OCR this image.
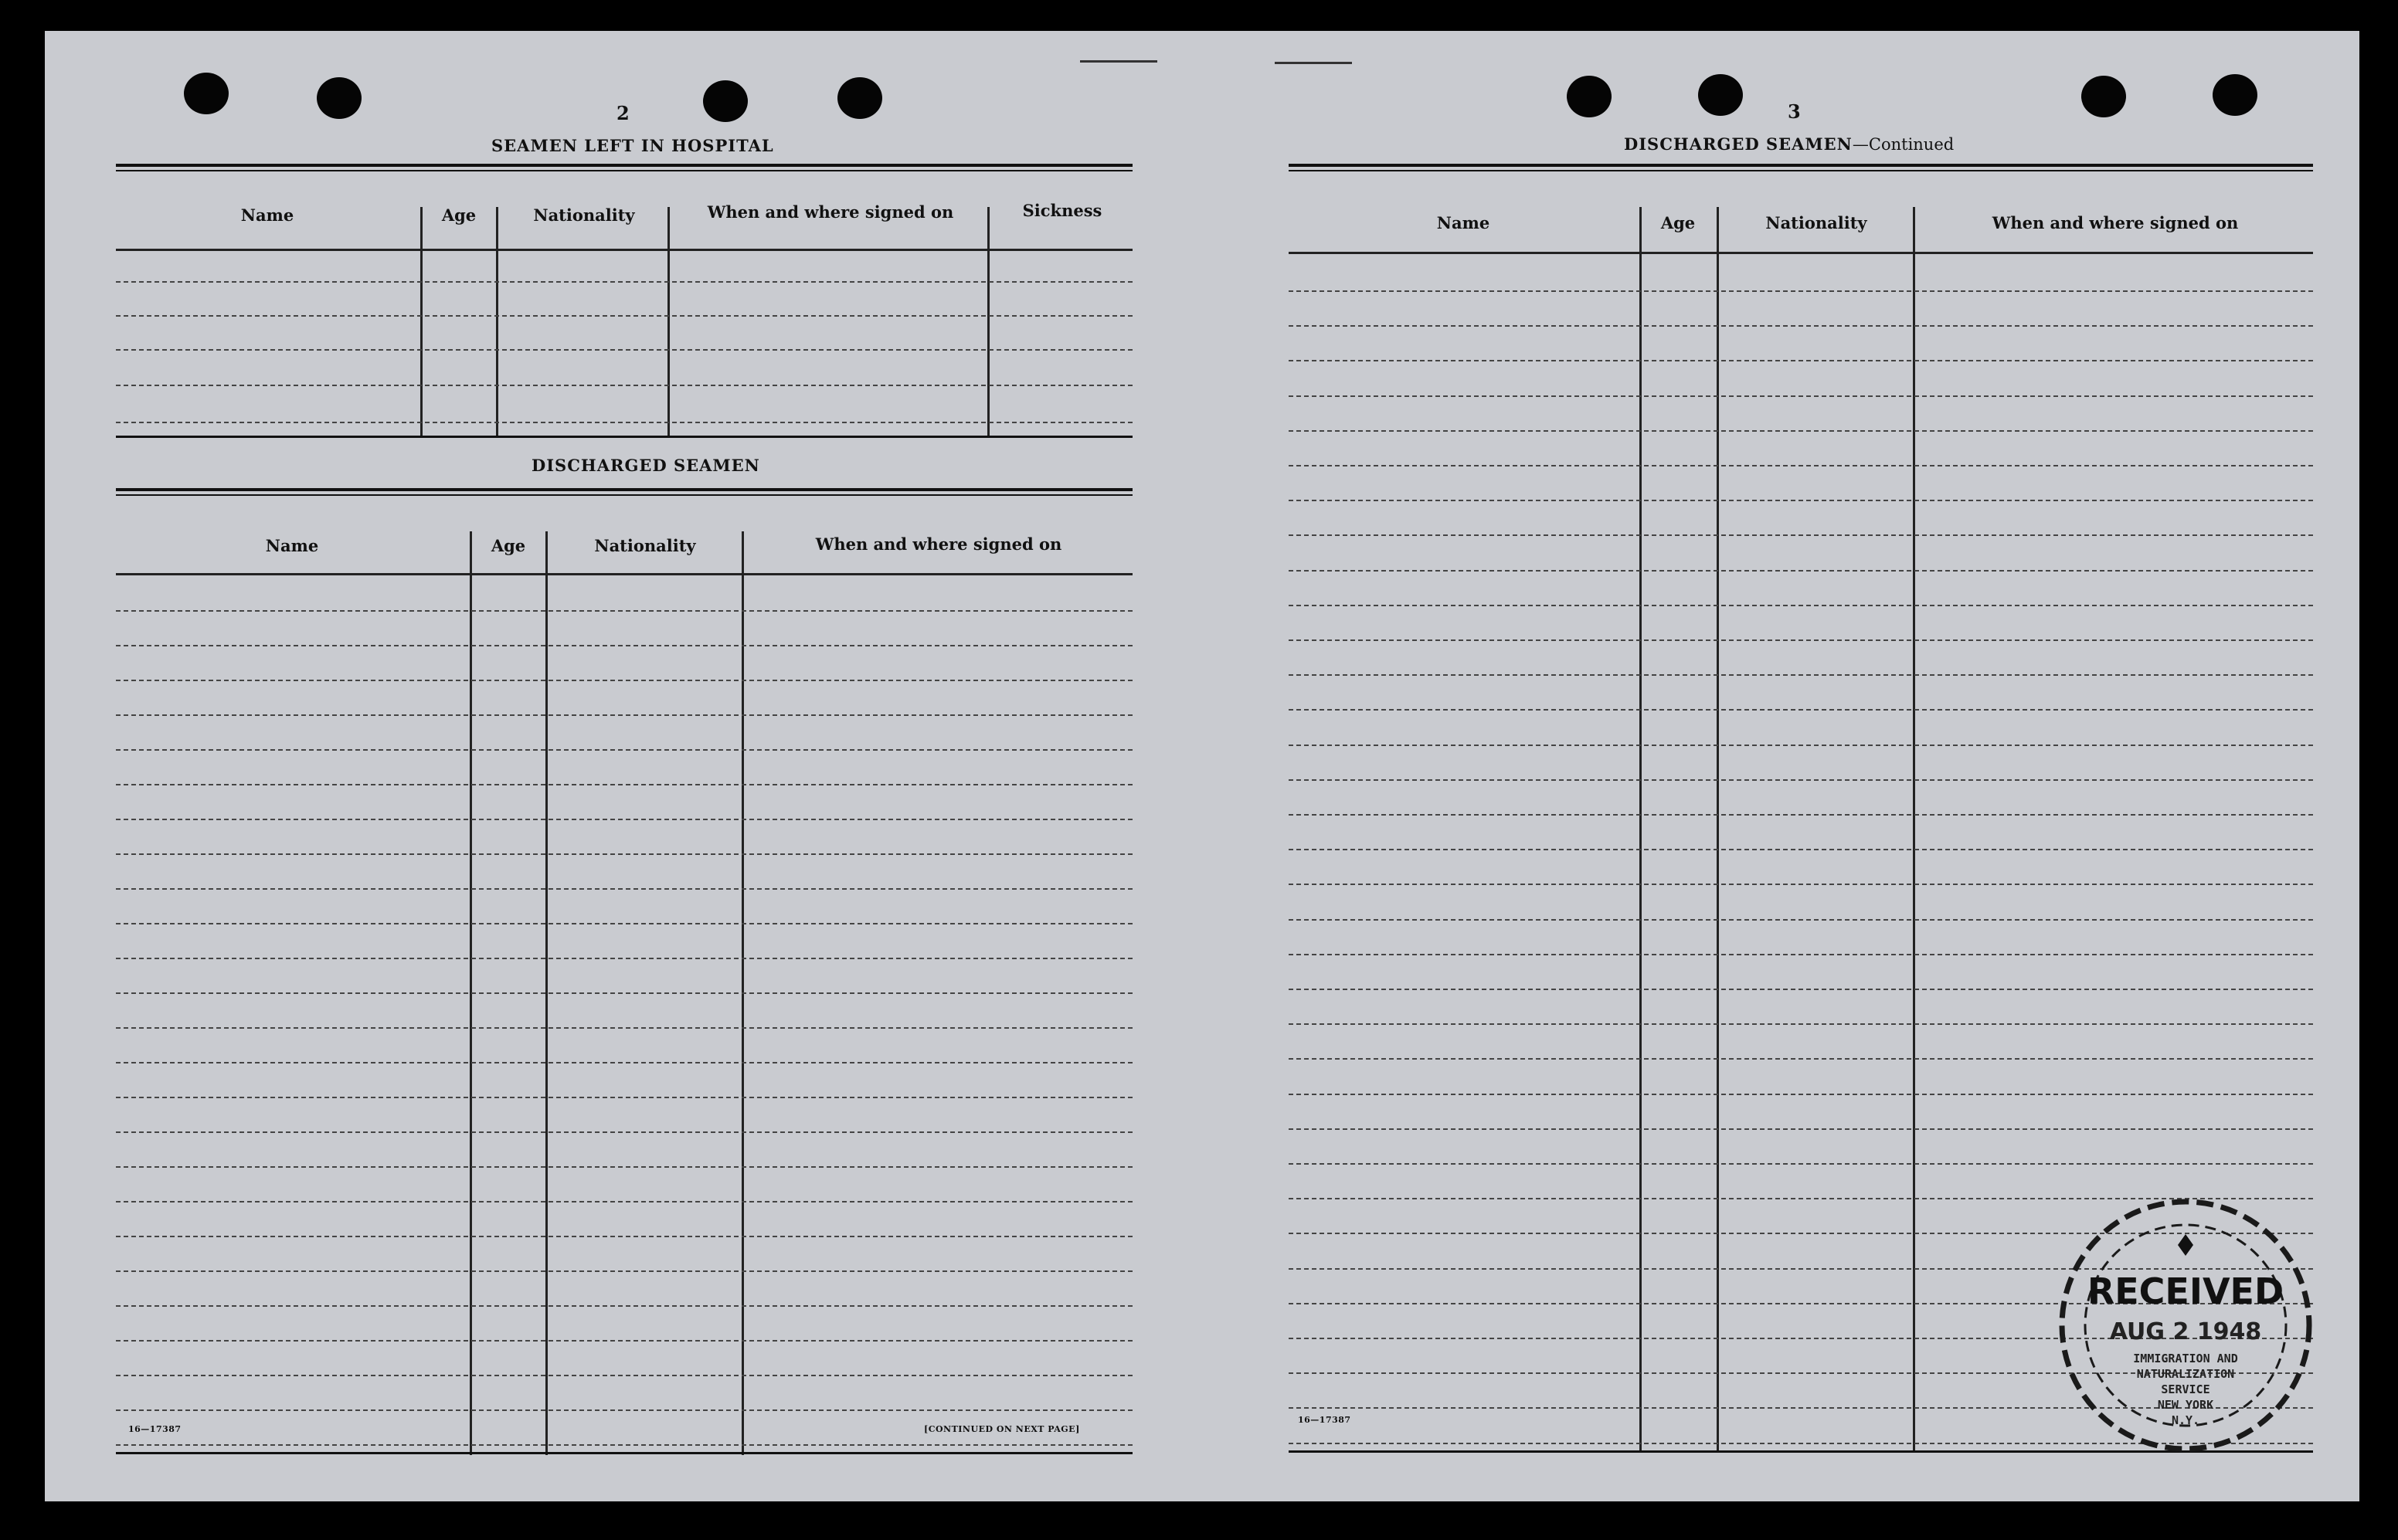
2
SEAMEN LEFT IN HOSPITAL
Name	Age	Nationality	When and where signed on	Sickness
DISCHARGED SEAMEN
Name	Age	Nationality	When and where signed on
16—17387	[CONTINUED ON NEXT PAGE]
3
DISCHARGED SEAMEN—Continued
Name	Age	Nationality	When and where signed on
16—17387
RECEIVED
AUG 2 1948
IMMIGRATION AND
NATURALIZATION
SERVICE
NEW YORK
N.Y.
